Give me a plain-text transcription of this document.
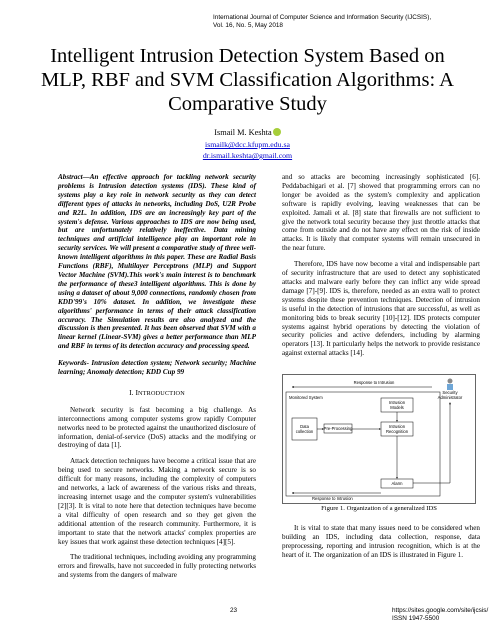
International Journal of Computer Science and Information Security (IJCSIS),
Vol. 16, No. 5, May 2018
Intelligent Intrusion Detection System Based on
MLP, RBF and SVM Classification Algorithms: A
Comparative Study
Ismail M. Keshta
ismailk@dcc.kfupm.edu.sa
dr.ismail.keshta@gmail.com

Abstract—An effective approach for tackling network security problems is Intrusion detection systems (IDS). These kind of systems play a key role in network security as they can detect different types of attacks in networks, including DoS, U2R Probe and R2L. In addition, IDS are an increasingly key part of the system's defense. Various approaches to IDS are now being used, but are unfortunately relatively ineffective. Data mining techniques and artificial intelligence play an important role in security services. We will present a comparative study of three well-known intelligent algorithms in this paper. These are Radial Basis Functions (RBF), Multilayer Perceptrons (MLP) and Support Vector Machine (SVM).This work's main interest is to benchmark the performance of these3 intelligent algorithms. This is done by using a dataset of about 9,000 connections, randomly chosen from KDD'99's 10% dataset. In addition, we investigate these algorithms' performance in terms of their attack classification accuracy. The Simulation results are also analyzed and the discussion is then presented. It has been observed that SVM with a linear kernel (Linear-SVM) gives a better performance than MLP and RBF in terms of its detection accuracy and processing speed.

Keywords- Intrusion detection system; Network security; Machine learning; Anomaly detection; KDD Cup 99

I. INTRODUCTION

Network security is fast becoming a big challenge. As interconnections among computer systems grow rapidly Computer networks need to be protected against the unauthorized disclosure of information, denial-of-service (DoS) attacks and the modifying or destroying of data [1].

Attack detection techniques have become a critical issue that are being used to secure networks. Making a network secure is so difficult for many reasons, including the complexity of computers and networks, a lack of awareness of the various risks and threats, increasing internet usage and the computer system's vulnerabilities [2][3]. It is vital to note here that detection techniques have become a vital difficulty of open research and so they get given the additional attention of the research community. Furthermore, it is important to state that the network attacks' complex properties are key issues that work against these detection techniques [4][5].

The traditional techniques, including avoiding any programming errors and firewalls, have not succeeded in fully protecting networks and systems from the dangers of malware

and so attacks are becoming increasingly sophisticated [6]. Peddabachigari et al. [7] showed that programming errors can no longer be avoided as the system's complexity and application software is rapidly evolving, leaving weaknesses that can be exploited. Jamali et al. [8] state that firewalls are not sufficient to give the network total security because they just throttle attacks that come from outside and do not have any effect on the risk of inside attacks. It is likely that computer systems will remain unsecured in the near future.

Therefore, IDS have now become a vital and indispensable part of security infrastructure that are used to detect any sophisticated attacks and malware early before they can inflict any wide spread damage [7]-[9]. IDS is, therefore, needed as an extra wall to protect systems despite these prevention techniques. Detection of intrusion is useful in the detection of intrusions that are successful, as well as monitoring bids to break security [10]-[12]. IDS protects computer systems against hybrid operations by detecting the violation of security policies and active defenders, including by alarming operators [13]. It particularly helps the network to provide resistance against external attacks [14].

Security
Administrator
Response to Intrusion
Monitored System
Data
collection
Pre-Processing
Intrusion
Models
Intrusion
Recognition
Alarm
Response to Intrusion
Figure 1. Organization of a generalized IDS

It is vital to state that many issues need to be considered when building an IDS, including data collection, response, data preprocessing, reporting and intrusion recognition, which is at the heart of it. The organization of an IDS is illustrated in Figure 1.

23	https://sites.google.com/site/ijcsis/
ISSN 1947-5500
